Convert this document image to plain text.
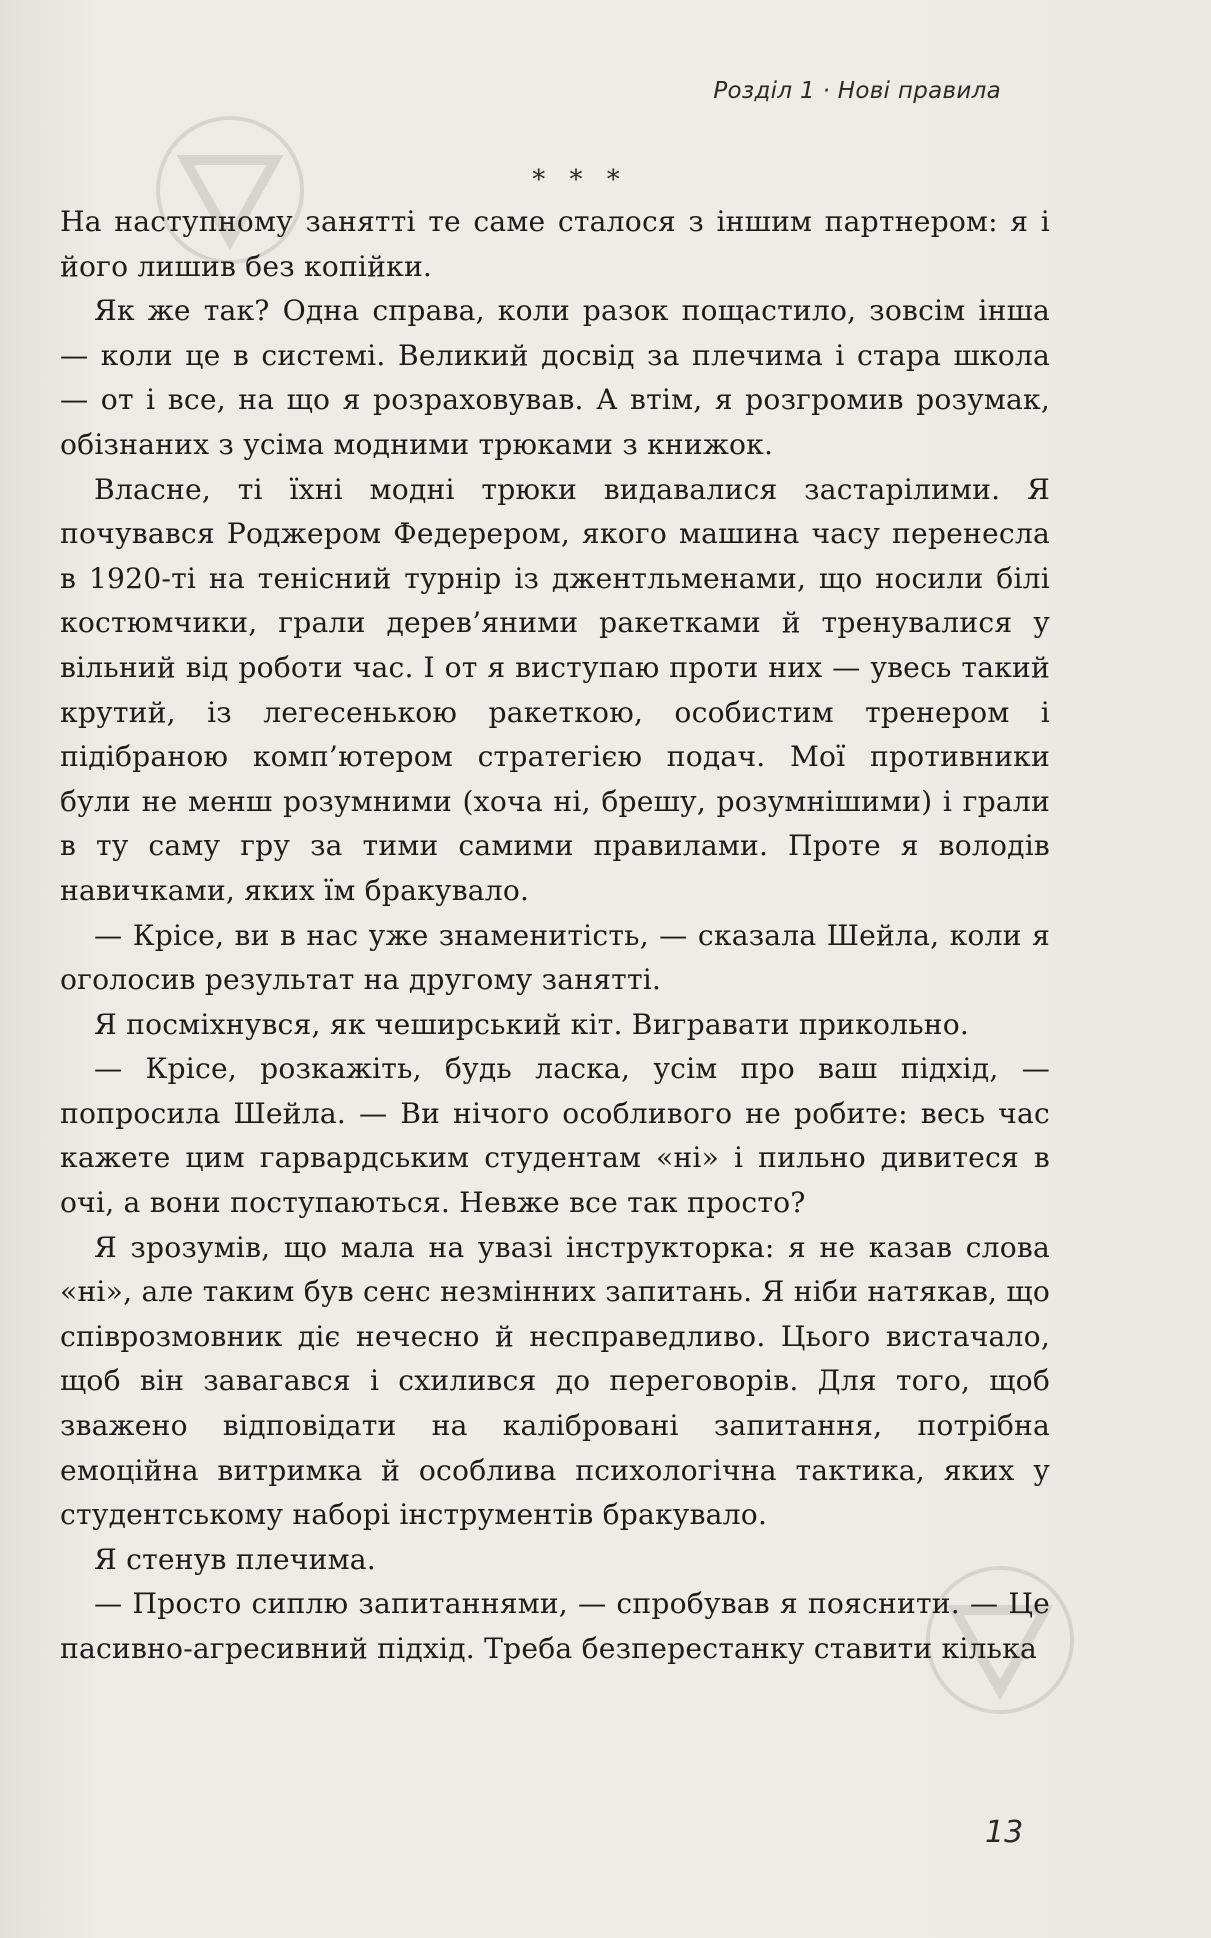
Розділ 1 · Нові правила
* * *

На наступному занятті те саме сталося з іншим партнером: я і його лишив без копійки.

Як же так? Одна справа, коли разок пощастило, зовсім інша — коли це в системі. Великий досвід за плечима і стара школа — от і все, на що я розраховував. А втім, я розгромив розумак, обізнаних з усіма модними трюками з книжок.

Власне, ті їхні модні трюки видавалися застарілими. Я почувався Роджером Федерером, якого машина часу перенесла в 1920-ті на тенісний турнір із джентльменами, що носили білі костюмчики, грали дерев’яними ракетками й тренувалися у вільний від роботи час. І от я виступаю проти них — увесь такий крутий, із легесенькою ракеткою, особистим тренером і підібраною комп’ютером стратегією подач. Мої противники були не менш розумними (хоча ні, брешу, розумнішими) і грали в ту саму гру за тими самими правилами. Проте я володів навичками, яких їм бракувало.

— Крісе, ви в нас уже знаменитість, — сказала Шейла, коли я оголосив результат на другому занятті.

Я посміхнувся, як чеширський кіт. Вигравати прикольно.

— Крісе, розкажіть, будь ласка, усім про ваш підхід, — попросила Шейла. — Ви нічого особливого не робите: весь час кажете цим гарвардським студентам «ні» і пильно дивитеся в очі, а вони поступаються. Невже все так просто?

Я зрозумів, що мала на увазі інструкторка: я не казав слова «ні», але таким був сенс незмінних запитань. Я ніби натякав, що співрозмовник діє нечесно й несправедливо. Цього вистачало, щоб він завагався і схилився до переговорів. Для того, щоб зважено відповідати на калібровані запитання, потрібна емоційна витримка й особлива психологічна тактика, яких у студентському наборі інструментів бракувало.

Я стенув плечима.

— Просто сиплю запитаннями, — спробував я пояснити. — Це пасивно-агресивний підхід. Треба безперестанку ставити кілька

13
